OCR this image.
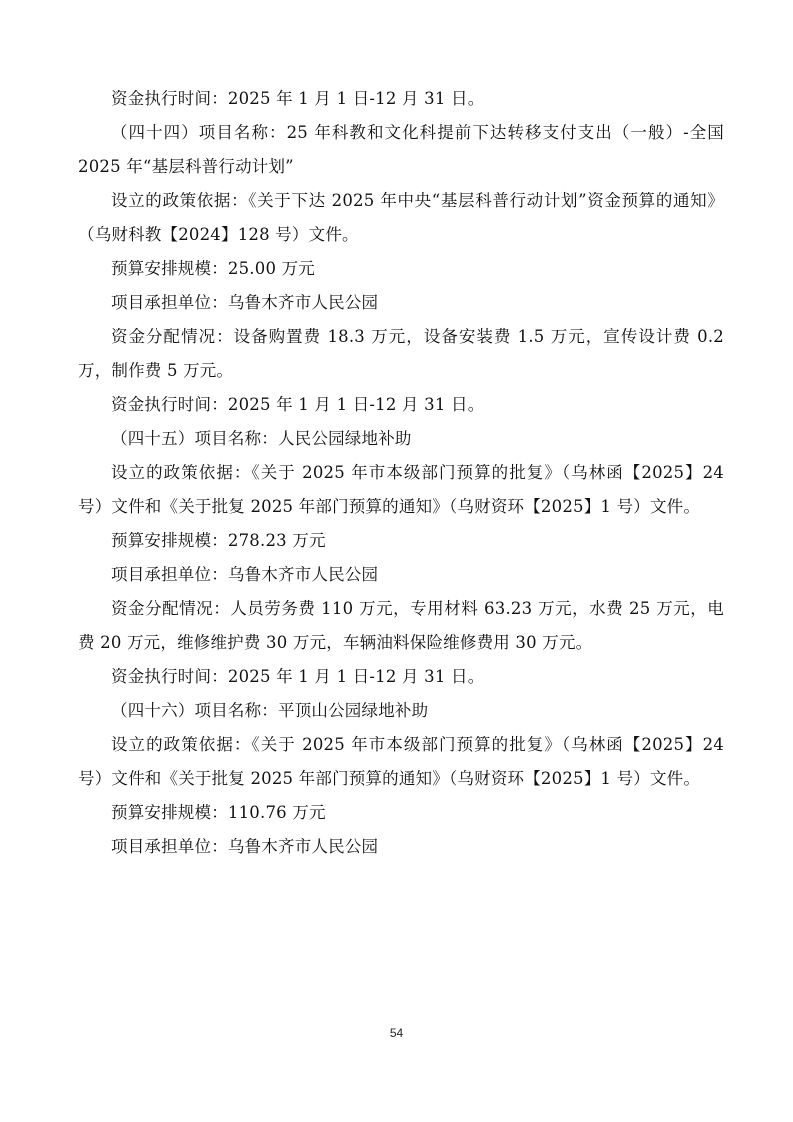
资金执行时间：2025 年 1 月 1 日-12 月 31 日。

（四十四）项目名称：25 年科教和文化科提前下达转移支付支出（一般）-全国 2025 年“基层科普行动计划”

设立的政策依据：《关于下达 2025 年中央“基层科普行动计划”资金预算的通知》（乌财科教【2024】128 号）文件。

预算安排规模：25.00 万元

项目承担单位：乌鲁木齐市人民公园

资金分配情况：设备购置费 18.3 万元，设备安装费 1.5 万元，宣传设计费 0.2 万，制作费 5 万元。

资金执行时间：2025 年 1 月 1 日-12 月 31 日。

（四十五）项目名称：人民公园绿地补助

设立的政策依据：《关于 2025 年市本级部门预算的批复》（乌林函【2025】24 号）文件和《关于批复 2025 年部门预算的通知》（乌财资环【2025】1 号）文件。

预算安排规模：278.23 万元

项目承担单位：乌鲁木齐市人民公园

资金分配情况：人员劳务费 110 万元，专用材料 63.23 万元，水费 25 万元，电费 20 万元，维修维护费 30 万元，车辆油料保险维修费用 30 万元。

资金执行时间：2025 年 1 月 1 日-12 月 31 日。

（四十六）项目名称：平顶山公园绿地补助

设立的政策依据：《关于 2025 年市本级部门预算的批复》（乌林函【2025】24 号）文件和《关于批复 2025 年部门预算的通知》（乌财资环【2025】1 号）文件。

预算安排规模：110.76 万元

项目承担单位：乌鲁木齐市人民公园

54
